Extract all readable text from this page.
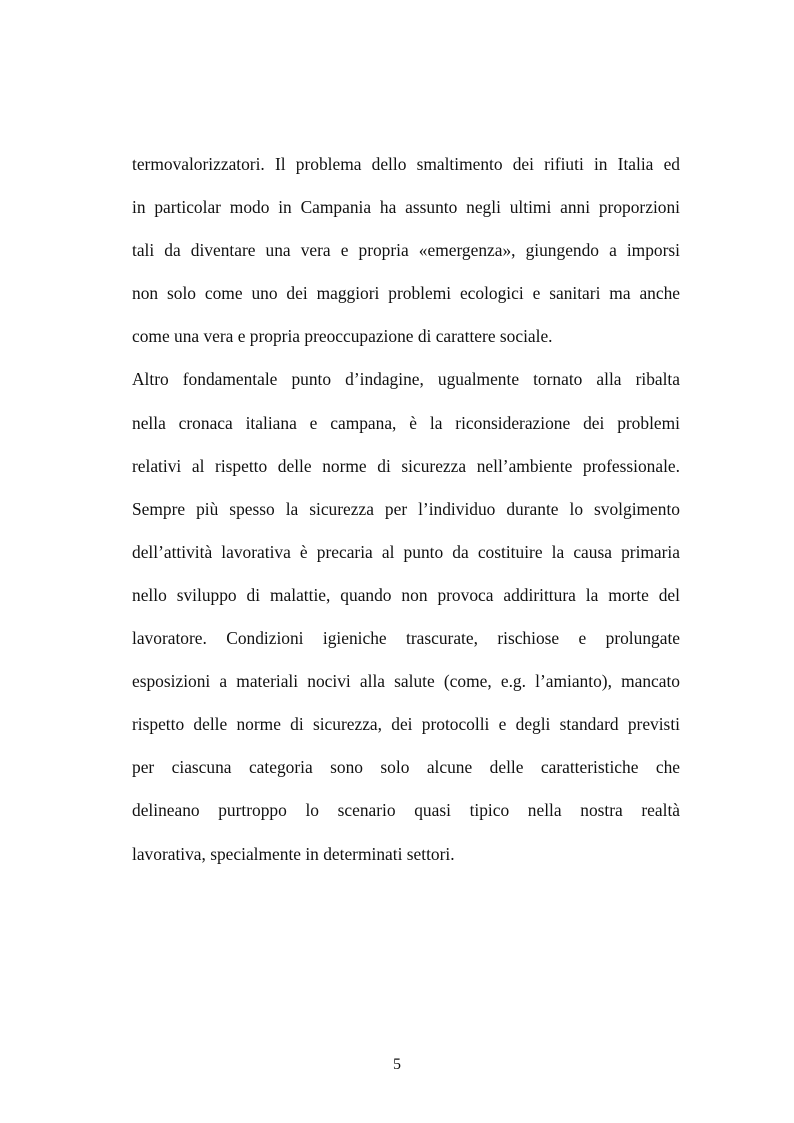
termovalorizzatori. Il problema dello smaltimento dei rifiuti in Italia ed
in particolar modo in Campania ha assunto negli ultimi anni proporzioni
tali da diventare una vera e propria «emergenza», giungendo a imporsi
non solo come uno dei maggiori problemi ecologici e sanitari ma anche
come una vera e propria preoccupazione di carattere sociale.
Altro fondamentale punto d’indagine, ugualmente tornato alla ribalta
nella cronaca italiana e campana, è la riconsiderazione dei problemi
relativi al rispetto delle norme di sicurezza nell’ambiente professionale.
Sempre più spesso la sicurezza per l’individuo durante lo svolgimento
dell’attività lavorativa è precaria al punto da costituire la causa primaria
nello sviluppo di malattie, quando non provoca addirittura la morte del
lavoratore. Condizioni igieniche trascurate, rischiose e prolungate
esposizioni a materiali nocivi alla salute (come, e.g. l’amianto), mancato
rispetto delle norme di sicurezza, dei protocolli e degli standard previsti
per ciascuna categoria sono solo alcune delle caratteristiche che
delineano purtroppo lo scenario quasi tipico nella nostra realtà
lavorativa, specialmente in determinati settori.
5
